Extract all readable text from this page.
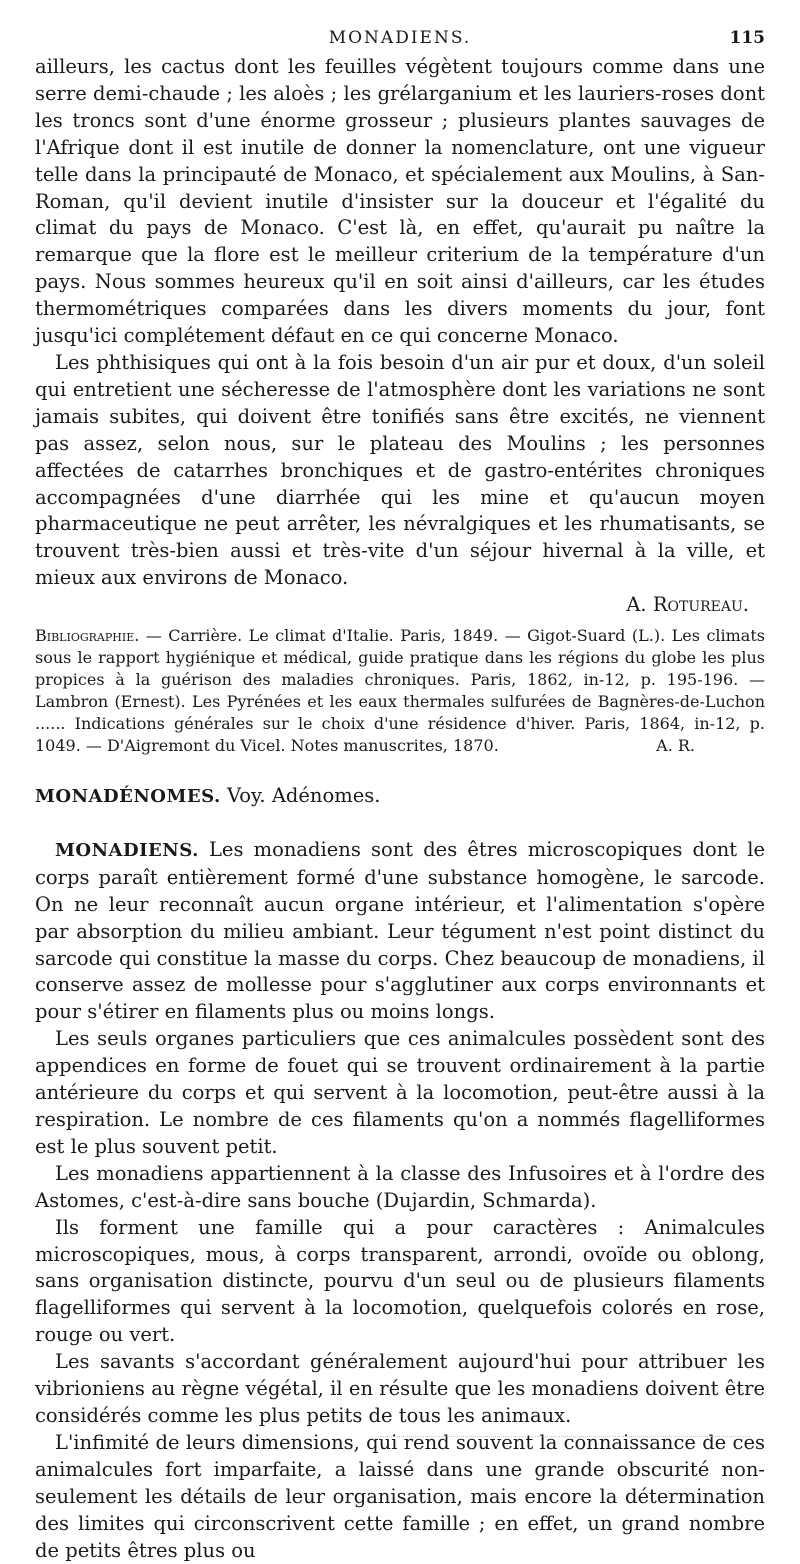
MONADIENS.	115

ailleurs, les cactus dont les feuilles végètent toujours comme dans une serre demi-chaude ; les aloès ; les grélarganium et les lauriers-roses dont les troncs sont d'une énorme grosseur ; plusieurs plantes sauvages de l'Afrique dont il est inutile de donner la nomenclature, ont une vigueur telle dans la principauté de Monaco, et spécialement aux Moulins, à San-Roman, qu'il devient inutile d'insister sur la douceur et l'égalité du climat du pays de Monaco. C'est là, en effet, qu'aurait pu naître la remarque que la flore est le meilleur criterium de la température d'un pays. Nous sommes heureux qu'il en soit ainsi d'ailleurs, car les études thermométriques comparées dans les divers moments du jour, font jusqu'ici complétement défaut en ce qui concerne Monaco.

Les phthisiques qui ont à la fois besoin d'un air pur et doux, d'un soleil qui entretient une sécheresse de l'atmosphère dont les variations ne sont jamais subites, qui doivent être tonifiés sans être excités, ne viennent pas assez, selon nous, sur le plateau des Moulins ; les personnes affectées de catarrhes bronchiques et de gastro-entérites chroniques accompagnées d'une diarrhée qui les mine et qu'aucun moyen pharmaceutique ne peut arrêter, les névralgiques et les rhumatisants, se trouvent très-bien aussi et très-vite d'un séjour hivernal à la ville, et mieux aux environs de Monaco.

A. Rotureau.

Bibliographie. — Carrière. Le climat d'Italie. Paris, 1849. — Gigot-Suard (L.). Les climats sous le rapport hygiénique et médical, guide pratique dans les régions du globe les plus propices à la guérison des maladies chroniques. Paris, 1862, in-12, p. 195-196. — Lambron (Ernest). Les Pyrénées et les eaux thermales sulfurées de Bagnères-de-Luchon ...... Indications générales sur le choix d'une résidence d'hiver. Paris, 1864, in-12, p. 1049. — D'Aigremont du Vicel. Notes manuscrites, 1870.	A. R.

MONADÉNOMES. Voy. Adénomes.

MONADIENS. Les monadiens sont des êtres microscopiques dont le corps paraît entièrement formé d'une substance homogène, le sarcode. On ne leur reconnaît aucun organe intérieur, et l'alimentation s'opère par absorption du milieu ambiant. Leur tégument n'est point distinct du sarcode qui constitue la masse du corps. Chez beaucoup de monadiens, il conserve assez de mollesse pour s'agglutiner aux corps environnants et pour s'étirer en filaments plus ou moins longs.

Les seuls organes particuliers que ces animalcules possèdent sont des appendices en forme de fouet qui se trouvent ordinairement à la partie antérieure du corps et qui servent à la locomotion, peut-être aussi à la respiration. Le nombre de ces filaments qu'on a nommés flagelliformes est le plus souvent petit.

Les monadiens appartiennent à la classe des Infusoires et à l'ordre des Astomes, c'est-à-dire sans bouche (Dujardin, Schmarda).

Ils forment une famille qui a pour caractères : Animalcules microscopiques, mous, à corps transparent, arrondi, ovoïde ou oblong, sans organisation distincte, pourvu d'un seul ou de plusieurs filaments flagelliformes qui servent à la locomotion, quelquefois colorés en rose, rouge ou vert.

Les savants s'accordant généralement aujourd'hui pour attribuer les vibrioniens au règne végétal, il en résulte que les monadiens doivent être considérés comme les plus petits de tous les animaux.

L'infimité de leurs dimensions, qui rend souvent la connaissance de ces animalcules fort imparfaite, a laissé dans une grande obscurité non-seulement les détails de leur organisation, mais encore la détermination des limites qui circonscrivent cette famille ; en effet, un grand nombre de petits êtres plus ou
